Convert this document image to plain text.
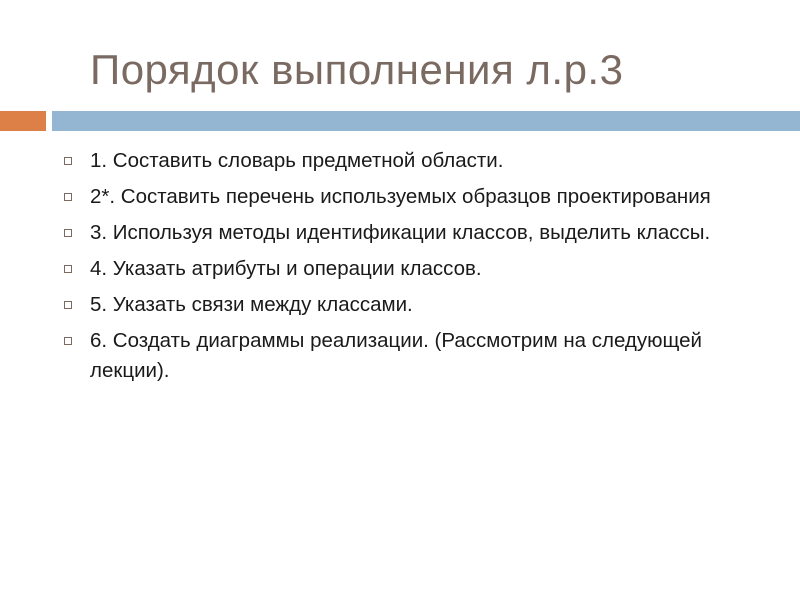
Порядок выполнения л.р.3
1. Составить словарь предметной области.
2*. Составить перечень используемых образцов проектирования
3. Используя методы идентификации классов, выделить классы.
4. Указать атрибуты и операции классов.
5. Указать связи между классами.
6. Создать диаграммы реализации. (Рассмотрим на следующей лекции).
